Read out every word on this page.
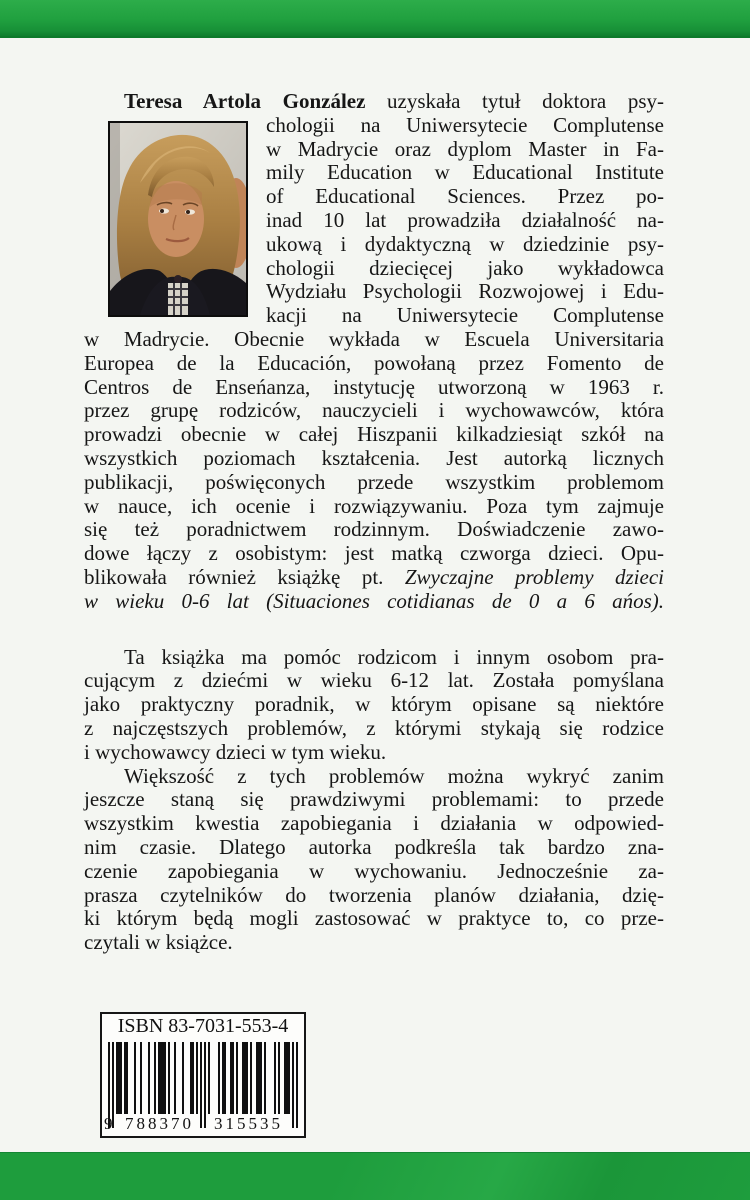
Teresa Artola González uzyskała tytuł doktora psy-
chologii na Uniwersytecie Complutense
w Madrycie oraz dyplom Master in Fa-
mily Education w Educational Institute
of Educational Sciences. Przez po-
inad 10 lat prowadziła działalność na-
ukową i dydaktyczną w dziedzinie psy-
chologii dziecięcej jako wykładowca
Wydziału Psychologii Rozwojowej i Edu-
kacji na Uniwersytecie Complutense
w Madrycie. Obecnie wykłada w Escuela Universitaria
Europea de la Educación, powołaną przez Fomento de
Centros de Enseńanza, instytucję utworzoną w 1963 r.
przez grupę rodziców, nauczycieli i wychowawców, która
prowadzi obecnie w całej Hiszpanii kilkadziesiąt szkół na
wszystkich poziomach kształcenia. Jest autorką licznych
publikacji, poświęconych przede wszystkim problemom
w nauce, ich ocenie i rozwiązywaniu. Poza tym zajmuje
się też poradnictwem rodzinnym. Doświadczenie zawo-
dowe łączy z osobistym: jest matką czworga dzieci. Opu-
blikowała również książkę pt. Zwyczajne problemy dzieci
w wieku 0-6 lat (Situaciones cotidianas de 0 a 6 ańos).
Ta książka ma pomóc rodzicom i innym osobom pra-
cującym z dziećmi w wieku 6-12 lat. Została pomyślana
jako praktyczny poradnik, w którym opisane są niektóre
z najczęstszych problemów, z którymi stykają się rodzice
i wychowawcy dzieci w tym wieku.
Większość z tych problemów można wykryć zanim
jeszcze staną się prawdziwymi problemami: to przede
wszystkim kwestia zapobiegania i działania w odpowied-
nim czasie. Dlatego autorka podkreśla tak bardzo zna-
czenie zapobiegania w wychowaniu. Jednocześnie za-
prasza czytelników do tworzenia planów działania, dzię-
ki którym będą mogli zastosować w praktyce to, co prze-
czytali w książce.
ISBN 83-7031-553-4
9 788370 315535
